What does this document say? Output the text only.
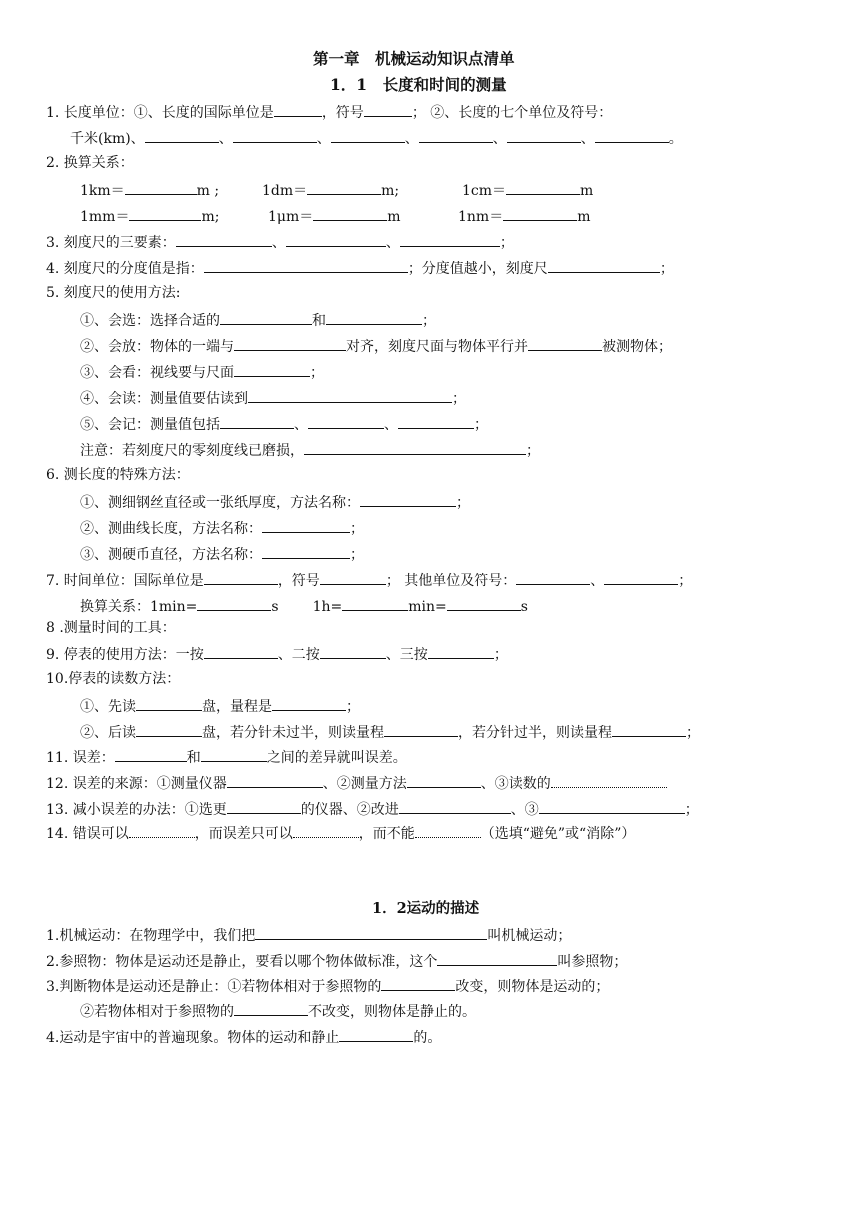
第一章　机械运动知识点清单
1．1　长度和时间的测量
1. 长度单位：①、长度的国际单位是	，符号	； ②、长度的七个单位及符号：
千米(km)、	、	、	、	、	、	。
2. 换算关系：
1km＝	m ;	1dm＝	m;	1cm＝	m
1mm＝	m;	1μm＝	m	1nm＝	m
3. 刻度尺的三要素：	、	、	；
4. 刻度尺的分度值是指：	；分度值越小，刻度尺	；
5. 刻度尺的使用方法:
①、会选：选择合适的	和	；
②、会放：物体的一端与	对齐，刻度尺面与物体平行并	被测物体；
③、会看：视线要与尺面	；
④、会读：测量值要估读到	；
⑤、会记：测量值包括	、	、	；
注意：若刻度尺的零刻度线已磨损，	；
6. 测长度的特殊方法：
①、测细钢丝直径或一张纸厚度，方法名称：	；
②、测曲线长度，方法名称：	；
③、测硬币直径，方法名称：	；
7. 时间单位：国际单位是	，符号	； 其他单位及符号：	、	；
换算关系：1min=	s 1h=	min=	s
8 .测量时间的工具：
9. 停表的使用方法：一按	、二按	、三按	；
10.停表的读数方法：
①、先读	盘，量程是	；
②、后读	盘，若分针未过半，则读量程	，若分针过半，则读量程	；
11. 误差：	和	之间的差异就叫误差。
12. 误差的来源：①测量仪器	、②测量方法	、③读数的
13. 减小误差的办法：①选更	的仪器、②改进	、③	；
14. 错误可以	，而误差只可以	，而不能	（选填“避免”或“消除”）
1．2运动的描述
1.机械运动：在物理学中，我们把	叫机械运动；
2.参照物：物体是运动还是静止，要看以哪个物体做标准，这个	叫参照物；
3.判断物体是运动还是静止：①若物体相对于参照物的	改变，则物体是运动的；
②若物体相对于参照物的	不改变，则物体是静止的。
4.运动是宇宙中的普遍现象。物体的运动和静止	的。
